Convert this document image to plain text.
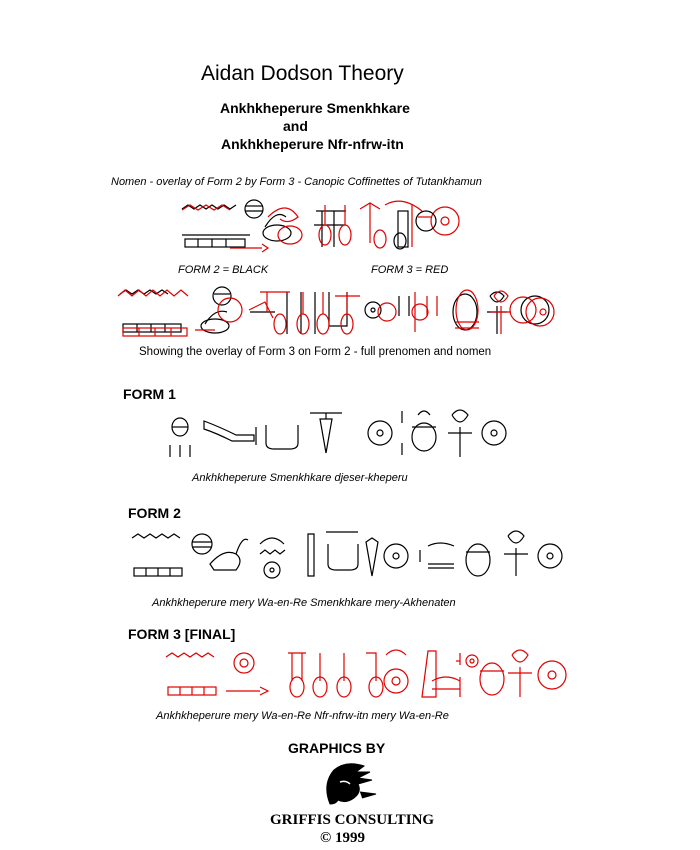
Aidan Dodson Theory
Ankhkheperure Smenkhkare
and
Ankhkheperure Nfr-nfrw-itn
Nomen - overlay of Form 2 by Form 3 - Canopic Coffinettes of Tutankhamun
FORM 2 = BLACK	FORM 3 = RED
Showing the overlay of Form 3 on Form 2 - full prenomen and nomen
FORM 1
Ankhkheperure Smenkhkare djeser-kheperu
FORM 2
Ankhkheperure mery Wa-en-Re Smenkhkare mery-Akhenaten
FORM 3 [FINAL]
Ankhkheperure mery Wa-en-Re Nfr-nfrw-itn mery Wa-en-Re
GRAPHICS BY
GRIFFIS CONSULTING
© 1999
